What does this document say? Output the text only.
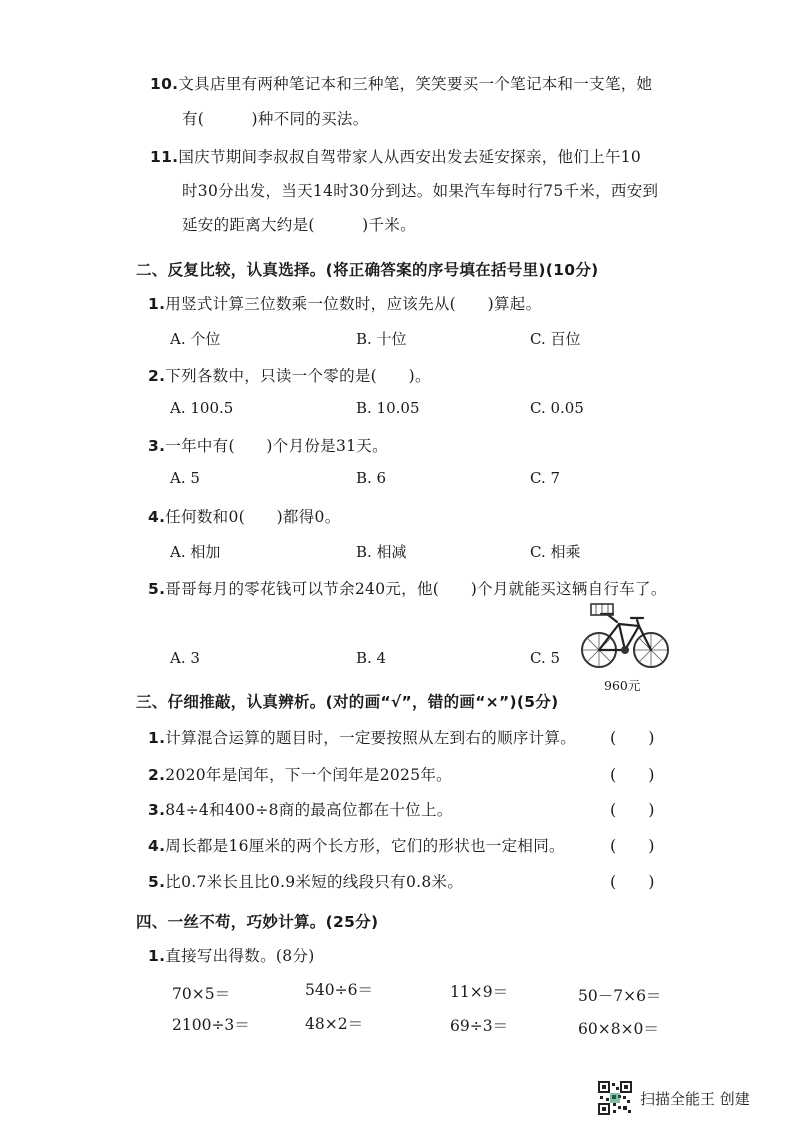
10.文具店里有两种笔记本和三种笔，笑笑要买一个笔记本和一支笔，她
有(　　　)种不同的买法。
11.国庆节期间李叔叔自驾带家人从西安出发去延安探亲，他们上午10
时30分出发，当天14时30分到达。如果汽车每时行75千米，西安到
延安的距离大约是(　　　)千米。
二、反复比较，认真选择。(将正确答案的序号填在括号里)(10分)
1.用竖式计算三位数乘一位数时，应该先从(　　)算起。
A. 个位	B. 十位	C. 百位
2.下列各数中，只读一个零的是(　　)。
A. 100.5	B. 10.05	C. 0.05
3.一年中有(　　)个月份是31天。
A. 5	B. 6	C. 7
4.任何数和0(　　)都得0。
A. 相加	B. 相减	C. 相乘
5.哥哥每月的零花钱可以节余240元，他(　　)个月就能买这辆自行车了。
A. 3	B. 4	C. 5
960元
三、仔细推敲，认真辨析。(对的画“√”，错的画“×”)(5分)
1.计算混合运算的题目时，一定要按照从左到右的顺序计算。 (　　)
2.2020年是闰年，下一个闰年是2025年。	(　　)
3.84÷4和400÷8商的最高位都在十位上。	(　　)
4.周长都是16厘米的两个长方形，它们的形状也一定相同。	(　　)
5.比0.7米长且比0.9米短的线段只有0.8米。	(　　)
四、一丝不苟，巧妙计算。(25分)
1.直接写出得数。(8分)
70×5＝	540÷6＝	11×9＝	50－7×6＝
2100÷3＝	48×2＝	69÷3＝	60×8×0＝
扫描全能王 创建
